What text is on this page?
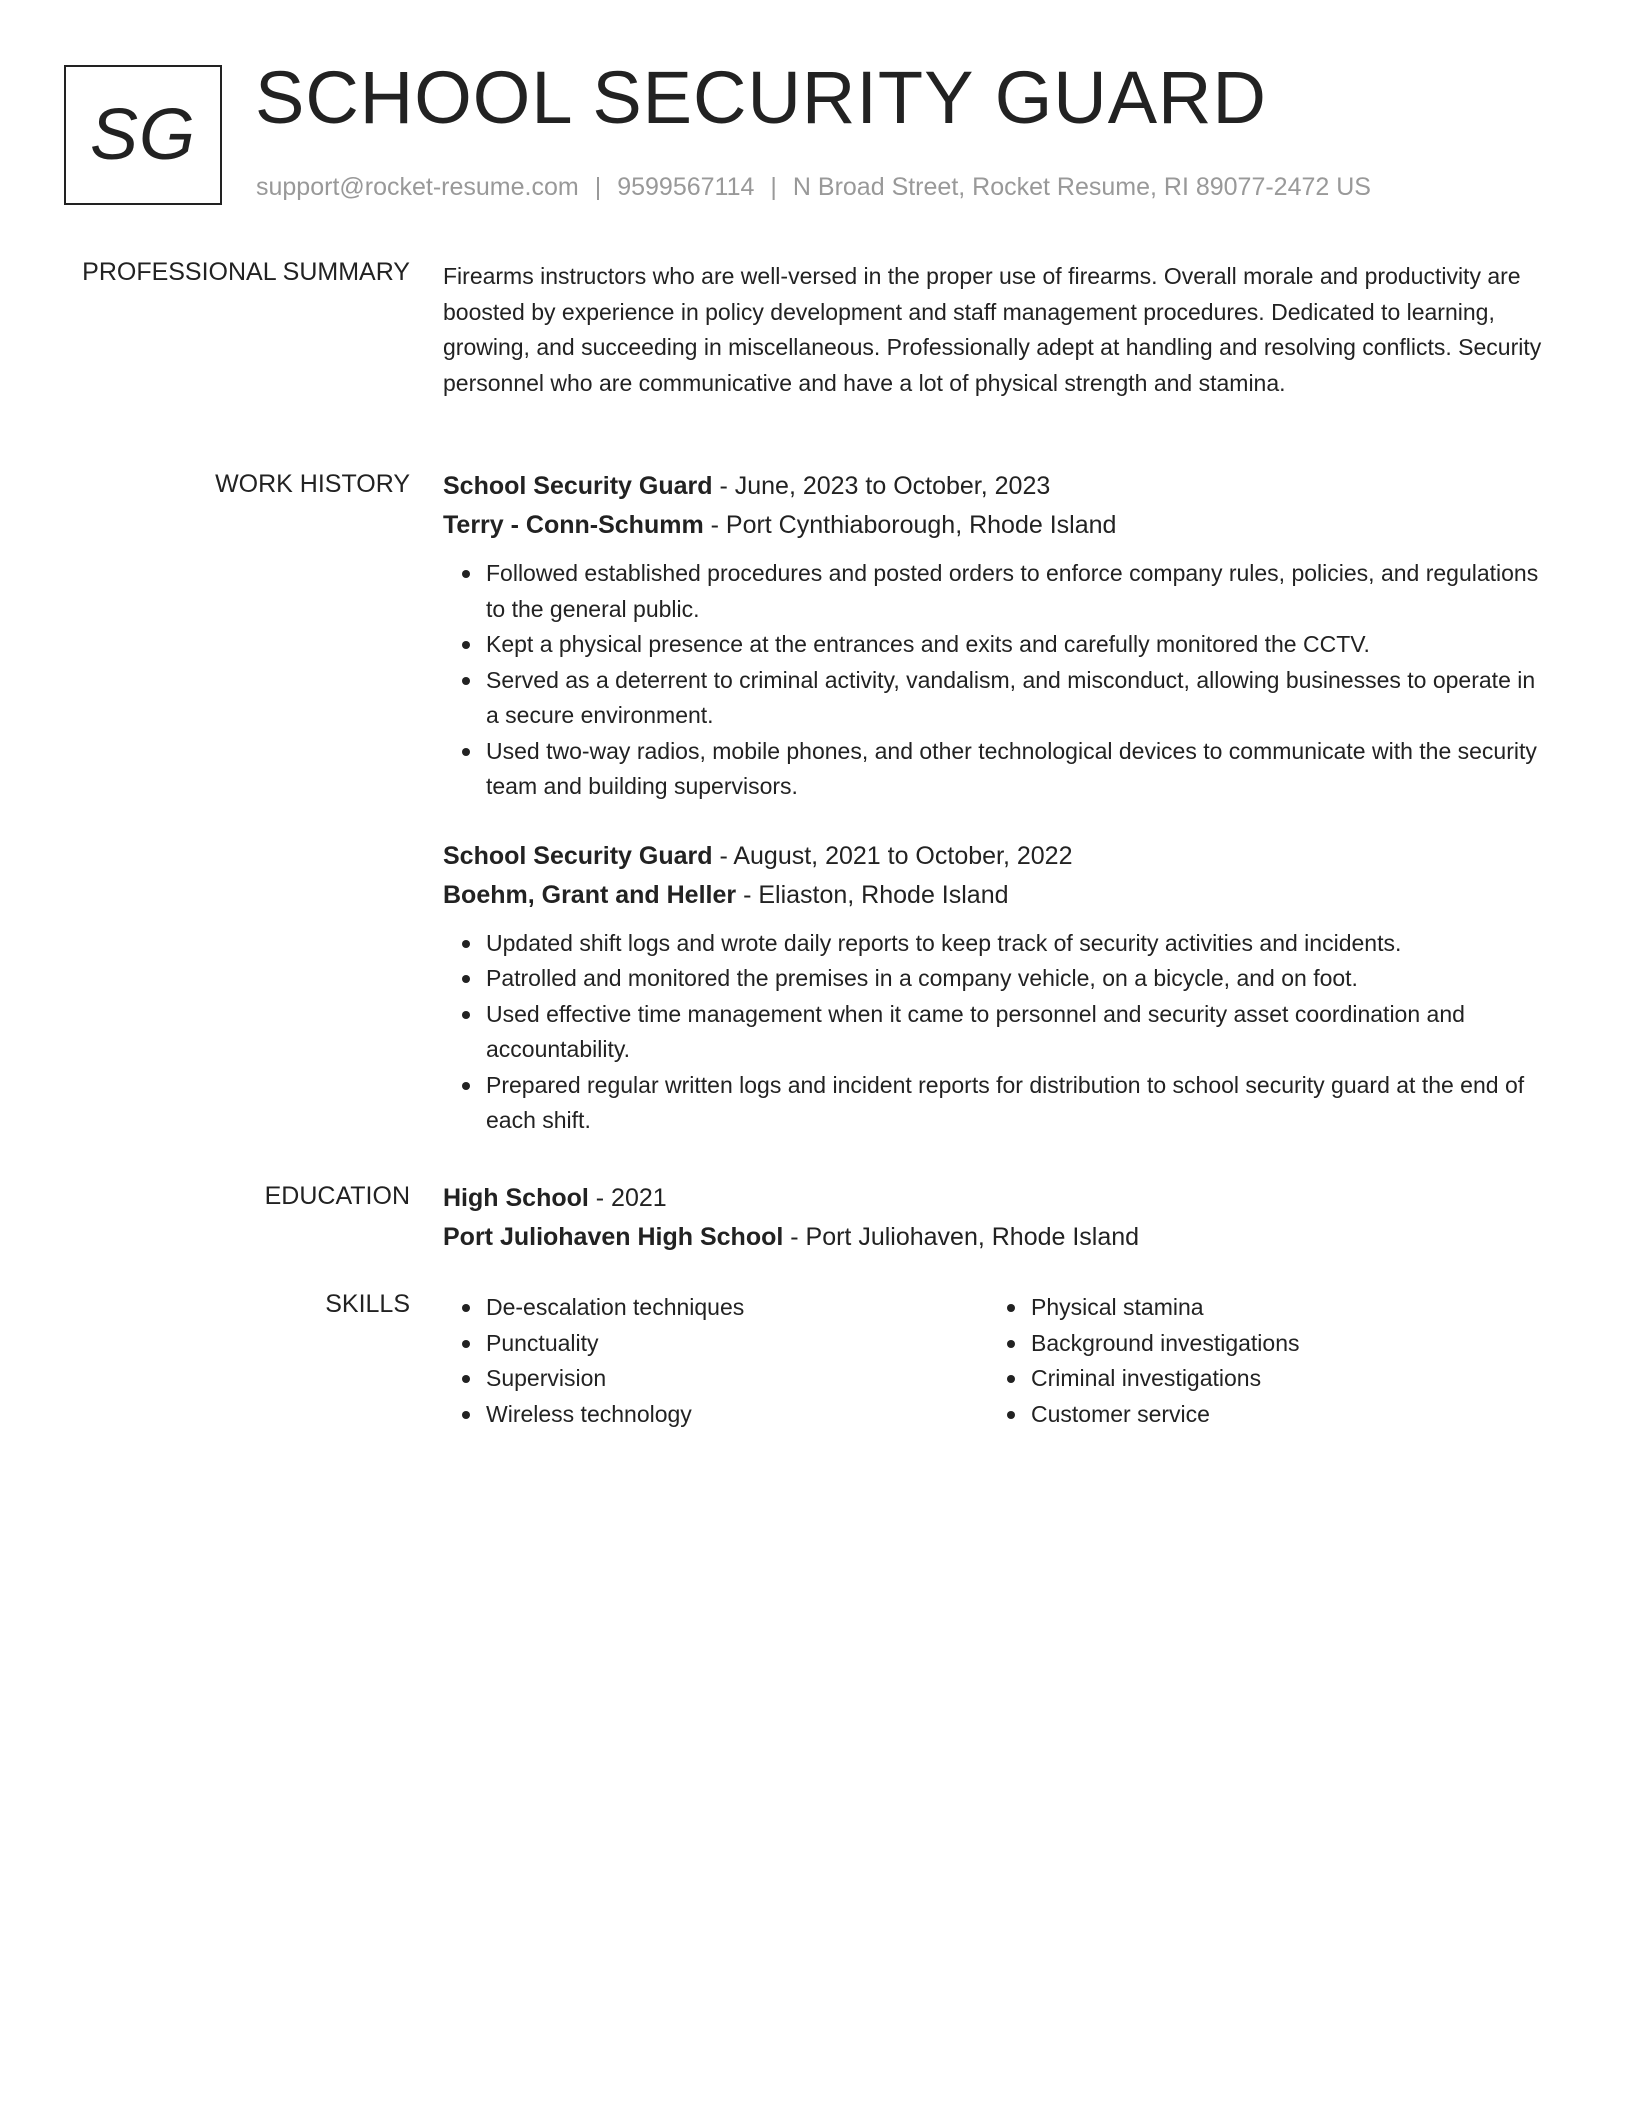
SG SCHOOL SECURITY GUARD
support@rocket-resume.com | 9599567114 | N Broad Street, Rocket Resume, RI 89077-2472 US
PROFESSIONAL SUMMARY Firearms instructors who are well-versed in the proper use of firearms. Overall morale and productivity are boosted by experience in policy development and staff management procedures. Dedicated to learning, growing, and succeeding in miscellaneous. Professionally adept at handling and resolving conflicts. Security personnel who are communicative and have a lot of physical strength and stamina.

WORK HISTORY School Security Guard - June, 2023 to October, 2023

Terry - Conn-Schumm - Port Cynthiaborough, Rhode Island

Followed established procedures and posted orders to enforce company rules, policies, and regulations to the general public.
Kept a physical presence at the entrances and exits and carefully monitored the CCTV.
Served as a deterrent to criminal activity, vandalism, and misconduct, allowing businesses to operate in a secure environment.
Used two-way radios, mobile phones, and other technological devices to communicate with the security team and building supervisors.

School Security Guard - August, 2021 to October, 2022

Boehm, Grant and Heller - Eliaston, Rhode Island

Updated shift logs and wrote daily reports to keep track of security activities and incidents.
Patrolled and monitored the premises in a company vehicle, on a bicycle, and on foot.
Used effective time management when it came to personnel and security asset coordination and accountability.
Prepared regular written logs and incident reports for distribution to school security guard at the end of each shift.
EDUCATION High School - 2021

Port Juliohaven High School - Port Juliohaven, Rhode Island

SKILLS	De-escalation techniques
Punctuality
Supervision
Wireless technology
Physical stamina
Background investigations
Criminal investigations
Customer service
